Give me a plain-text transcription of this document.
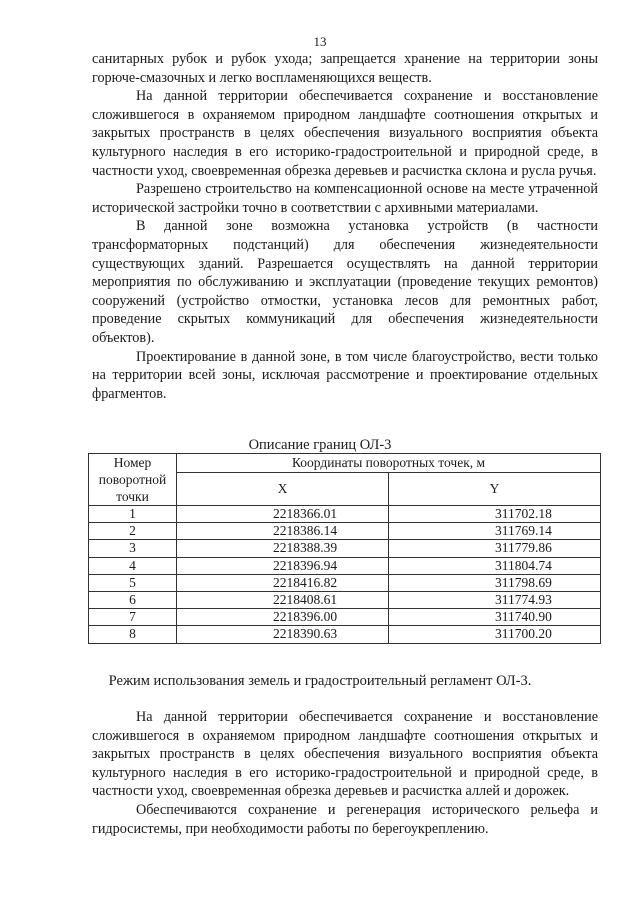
13

санитарных рубок и рубок ухода; запрещается хранение на территории зоны горюче-смазочных и легко воспламеняющихся веществ.

На данной территории обеспечивается сохранение и восстановление сложившегося в охраняемом природном ландшафте соотношения открытых и закрытых пространств в целях обеспечения визуального восприятия объекта культурного наследия в его историко-градостроительной и природной среде, в частности уход, своевременная обрезка деревьев и расчистка склона и русла ручья.

Разрешено строительство на компенсационной основе на месте утраченной исторической застройки точно в соответствии с архивными материалами.

В данной зоне возможна установка устройств (в частности трансформаторных подстанций) для обеспечения жизнедеятельности существующих зданий. Разрешается осуществлять на данной территории мероприятия по обслуживанию и эксплуатации (проведение текущих ремонтов) сооружений (устройство отмостки, установка лесов для ремонтных работ, проведение скрытых коммуникаций для обеспечения жизнедеятельности объектов).

Проектирование в данной зоне, в том числе благоустройство, вести только на территории всей зоны, исключая рассмотрение и проектирование отдельных фрагментов.

Описание границ ОЛ-3
Номер поворотной точки	Координаты поворотных точек, м	
	X	Y
1	2218366.01	311702.18
2	2218386.14	311769.14
3	2218388.39	311779.86
4	2218396.94	311804.74
5	2218416.82	311798.69
6	2218408.61	311774.93
7	2218396.00	311740.90
8	2218390.63	311700.20
Режим использования земель и градостроительный регламент ОЛ-3.

На данной территории обеспечивается сохранение и восстановление сложившегося в охраняемом природном ландшафте соотношения открытых и закрытых пространств в целях обеспечения визуального восприятия объекта культурного наследия в его историко-градостроительной и природной среде, в частности уход, своевременная обрезка деревьев и расчистка аллей и дорожек.

Обеспечиваются сохранение и регенерация исторического рельефа и гидросистемы, при необходимости работы по берегоукреплению.
